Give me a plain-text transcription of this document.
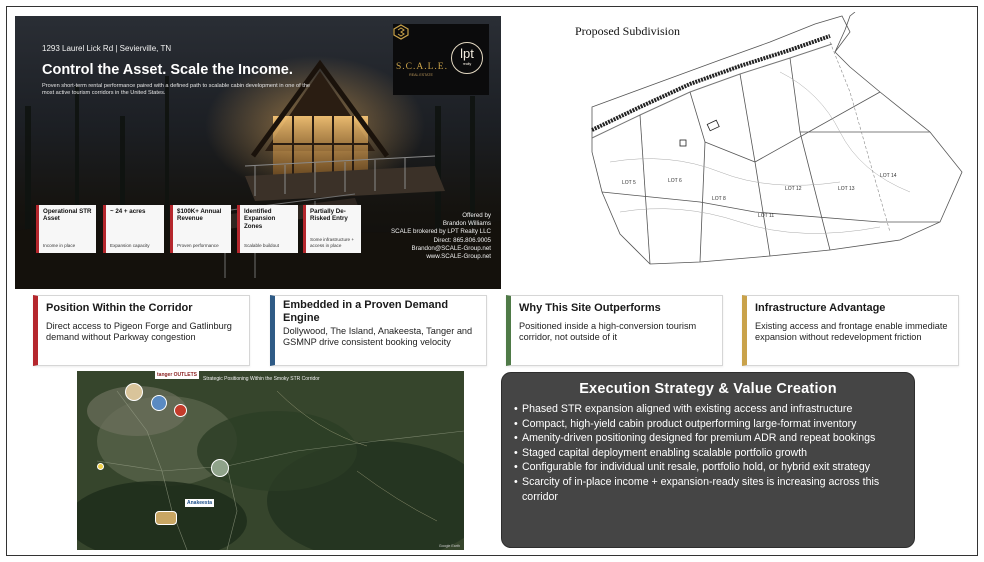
1293 Laurel Lick Rd | Sevierville, TN
Control the Asset. Scale the Income.
Proven short-term rental performance paired with a defined path to scalable cabin development in one of the most active tourism corridors in the United States.
S.C.A.L.E.
REAL ESTATE
lpt
realty
Operational STR Asset
Income in place
~ 24 + acres
Expansion capacity
$100K+ Annual Revenue
Proven performance
Identified Expansion Zones
Scalable buildout
Partially De-Risked Entry
Some infrastructure + access in place
Offered by
Brandon Williams
SCALE brokered by LPT Realty LLC
Direct: 865.806.9005
Brandon@SCALE-Group.net
www.SCALE-Group.net
Proposed Subdivision
LOT 5	LOT 6
LOT 8
LOT 11
LOT 12	LOT 13
LOT 14
Position Within the Corridor
Direct access to Pigeon Forge and Gatlinburg demand without Parkway congestion
Embedded in a Proven Demand Engine
Dollywood, The Island, Anakeesta, Tanger and GSMNP drive consistent booking velocity
Why This Site Outperforms
Positioned inside a high-conversion tourism corridor, not outside of it
Infrastructure Advantage
Existing access and frontage enable immediate expansion without redevelopment friction
Strategic Positioning Within the Smoky STR Corridor
tanger OUTLETS
Anakeesta
Google Earth
Execution Strategy & Value Creation
• Phased STR expansion aligned with existing access and infrastructure
• Compact, high-yield cabin product outperforming large-format inventory
• Amenity-driven positioning designed for premium ADR and repeat bookings
• Staged capital deployment enabling scalable portfolio growth
• Configurable for individual unit resale, portfolio hold, or hybrid exit strategy
• Scarcity of in-place income + expansion-ready sites is increasing across this corridor
